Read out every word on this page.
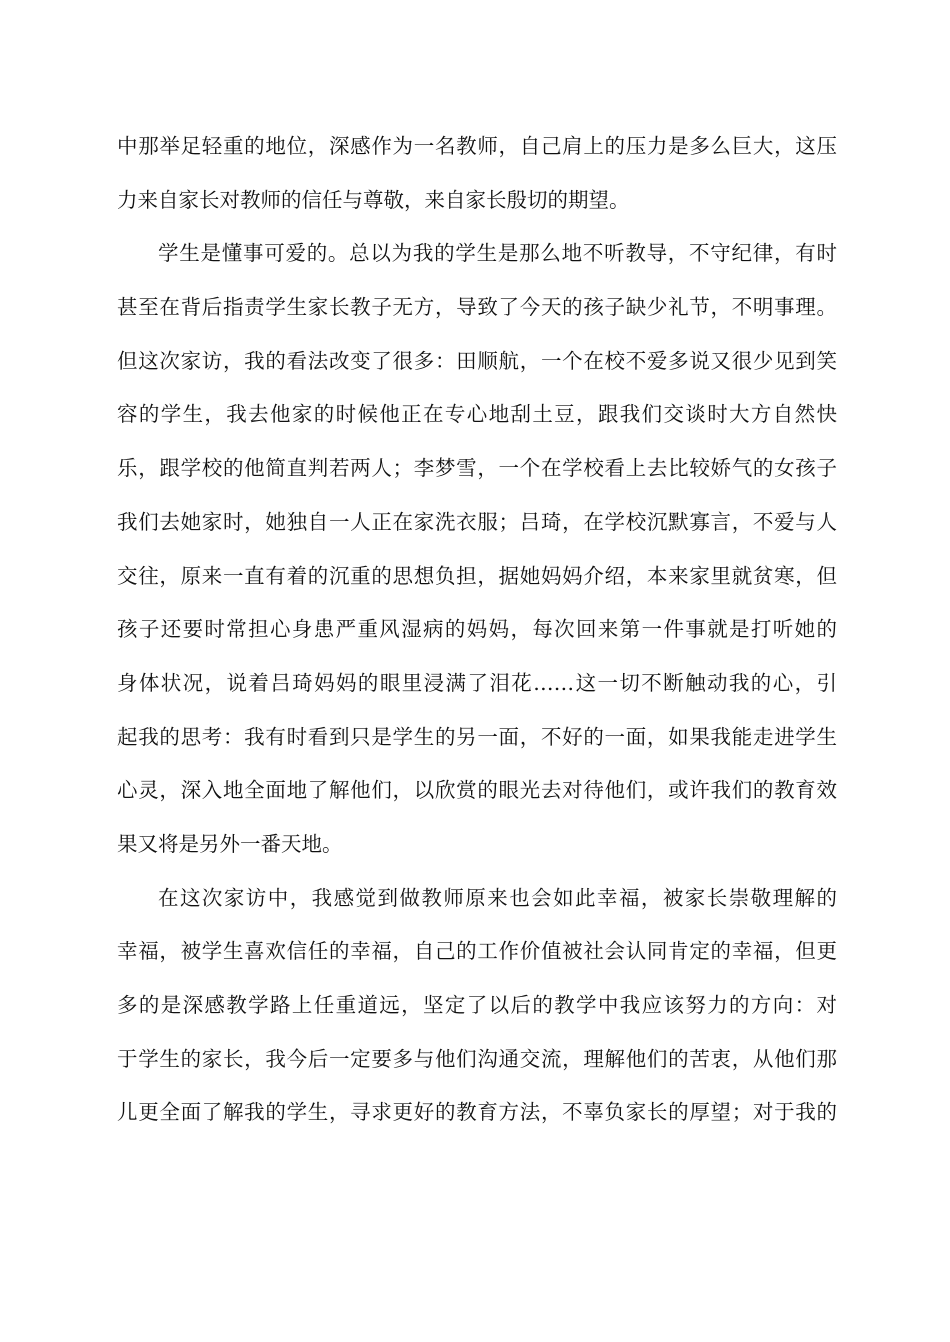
中那举足轻重的地位，深感作为一名教师，自己肩上的压力是多么巨大，这压
力来自家长对教师的信任与尊敬，来自家长殷切的期望。
学生是懂事可爱的。总以为我的学生是那么地不听教导，不守纪律，有时
甚至在背后指责学生家长教子无方，导致了今天的孩子缺少礼节，不明事理。
但这次家访，我的看法改变了很多：田顺航，一个在校不爱多说又很少见到笑
容的学生，我去他家的时候他正在专心地刮土豆，跟我们交谈时大方自然快
乐，跟学校的他简直判若两人；李梦雪，一个在学校看上去比较娇气的女孩子
我们去她家时，她独自一人正在家洗衣服；吕琦，在学校沉默寡言，不爱与人
交往，原来一直有着的沉重的思想负担，据她妈妈介绍，本来家里就贫寒，但
孩子还要时常担心身患严重风湿病的妈妈，每次回来第一件事就是打听她的
身体状况，说着吕琦妈妈的眼里浸满了泪花……这一切不断触动我的心，引
起我的思考：我有时看到只是学生的另一面，不好的一面，如果我能走进学生
心灵，深入地全面地了解他们，以欣赏的眼光去对待他们，或许我们的教育效
果又将是另外一番天地。
在这次家访中，我感觉到做教师原来也会如此幸福，被家长崇敬理解的
幸福，被学生喜欢信任的幸福，自己的工作价值被社会认同肯定的幸福，但更
多的是深感教学路上任重道远，坚定了以后的教学中我应该努力的方向：对
于学生的家长，我今后一定要多与他们沟通交流，理解他们的苦衷，从他们那
儿更全面了解我的学生，寻求更好的教育方法，不辜负家长的厚望；对于我的
